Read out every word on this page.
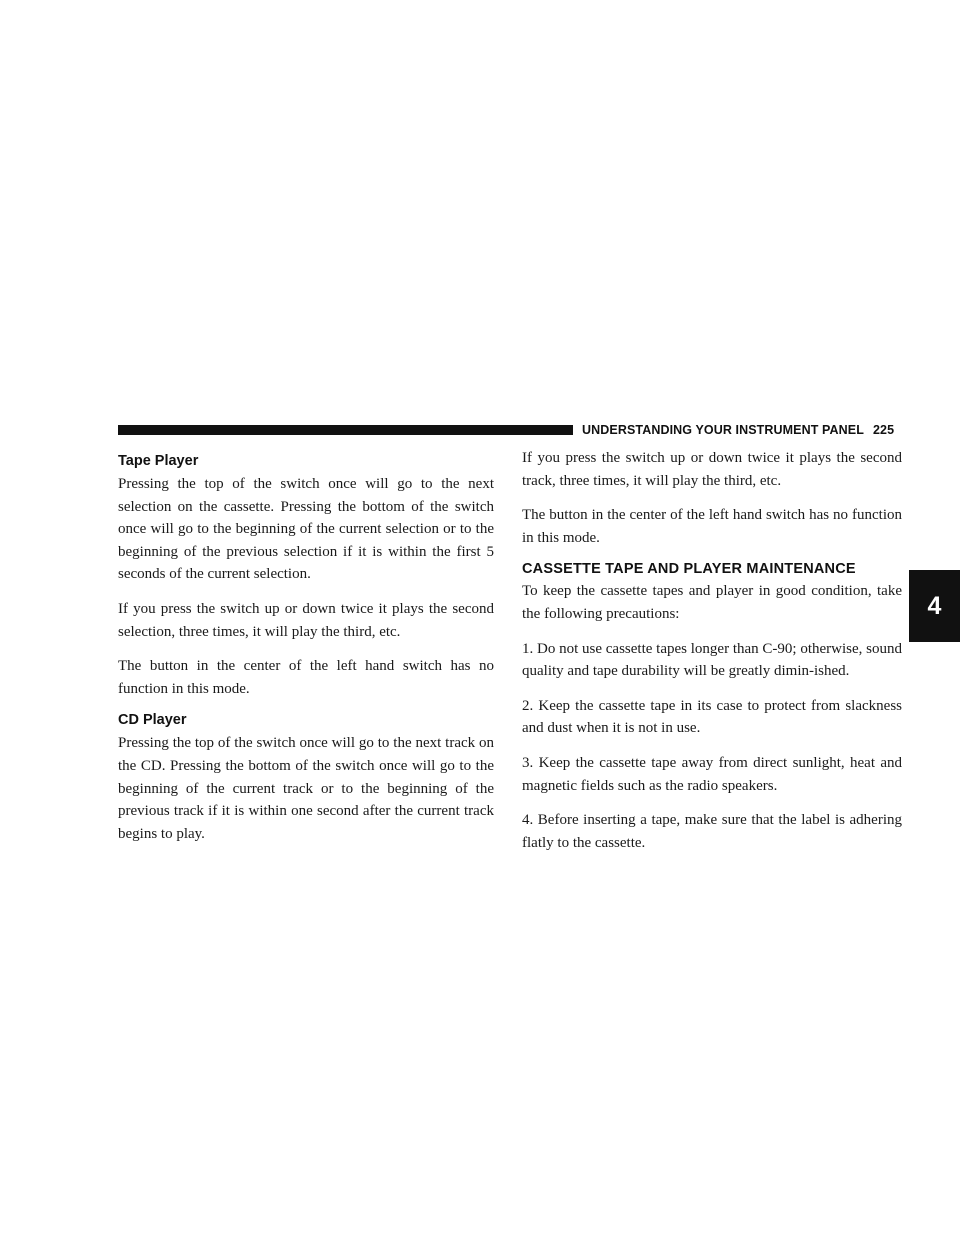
UNDERSTANDING YOUR INSTRUMENT PANEL 225
4
Tape Player

Pressing the top of the switch once will go to the next selection on the cassette. Pressing the bottom of the switch once will go to the beginning of the current selection or to the beginning of the previous selection if it is within the first 5 seconds of the current selection.

If you press the switch up or down twice it plays the second selection, three times, it will play the third, etc.

The button in the center of the left hand switch has no function in this mode.

CD Player

Pressing the top of the switch once will go to the next track on the CD. Pressing the bottom of the switch once will go to the beginning of the current track or to the beginning of the previous track if it is within one second after the current track begins to play.

If you press the switch up or down twice it plays the second track, three times, it will play the third, etc.

The button in the center of the left hand switch has no function in this mode.

CASSETTE TAPE AND PLAYER MAINTENANCE

To keep the cassette tapes and player in good condition, take the following precautions:

1. Do not use cassette tapes longer than C-90; otherwise, sound quality and tape durability will be greatly dimin-ished.

2. Keep the cassette tape in its case to protect from slackness and dust when it is not in use.

3. Keep the cassette tape away from direct sunlight, heat and magnetic fields such as the radio speakers.

4. Before inserting a tape, make sure that the label is adhering flatly to the cassette.
